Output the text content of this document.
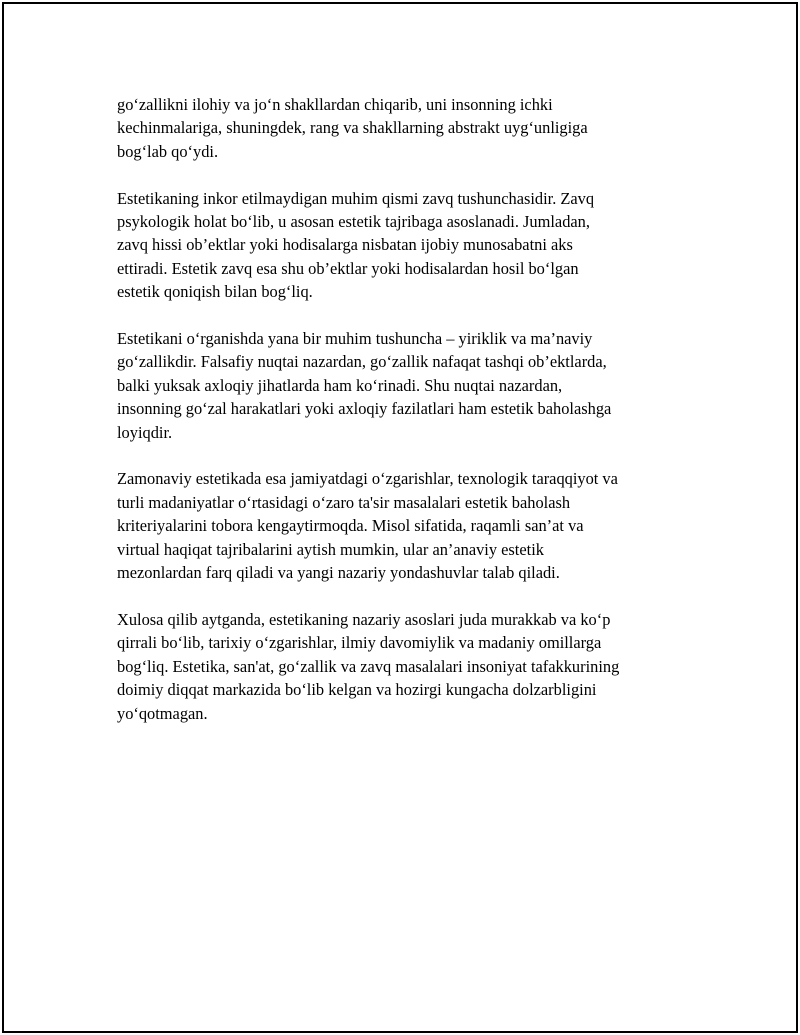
go‘zallikni ilohiy va jo‘n shakllardan chiqarib, uni insonning ichki
kechinmalariga, shuningdek, rang va shakllarning abstrakt uyg‘unligiga
bog‘lab qo‘ydi.

Estetikaning inkor etilmaydigan muhim qismi zavq tushunchasidir. Zavq
psykologik holat bo‘lib, u asosan estetik tajribaga asoslanadi. Jumladan,
zavq hissi ob’ektlar yoki hodisalarga nisbatan ijobiy munosabatni aks
ettiradi. Estetik zavq esa shu ob’ektlar yoki hodisalardan hosil bo‘lgan
estetik qoniqish bilan bog‘liq.

Estetikani o‘rganishda yana bir muhim tushuncha – yiriklik va ma’naviy
go‘zallikdir. Falsafiy nuqtai nazardan, go‘zallik nafaqat tashqi ob’ektlarda,
balki yuksak axloqiy jihatlarda ham ko‘rinadi. Shu nuqtai nazardan,
insonning go‘zal harakatlari yoki axloqiy fazilatlari ham estetik baholashga
loyiqdir.

Zamonaviy estetikada esa jamiyatdagi o‘zgarishlar, texnologik taraqqiyot va
turli madaniyatlar o‘rtasidagi o‘zaro ta'sir masalalari estetik baholash
kriteriyalarini tobora kengaytirmoqda. Misol sifatida, raqamli san’at va
virtual haqiqat tajribalarini aytish mumkin, ular an’anaviy estetik
mezonlardan farq qiladi va yangi nazariy yondashuvlar talab qiladi.

Xulosa qilib aytganda, estetikaning nazariy asoslari juda murakkab va ko‘p
qirrali bo‘lib, tarixiy o‘zgarishlar, ilmiy davomiylik va madaniy omillarga
bog‘liq. Estetika, san'at, go‘zallik va zavq masalalari insoniyat tafakkurining
doimiy diqqat markazida bo‘lib kelgan va hozirgi kungacha dolzarbligini
yo‘qotmagan.
